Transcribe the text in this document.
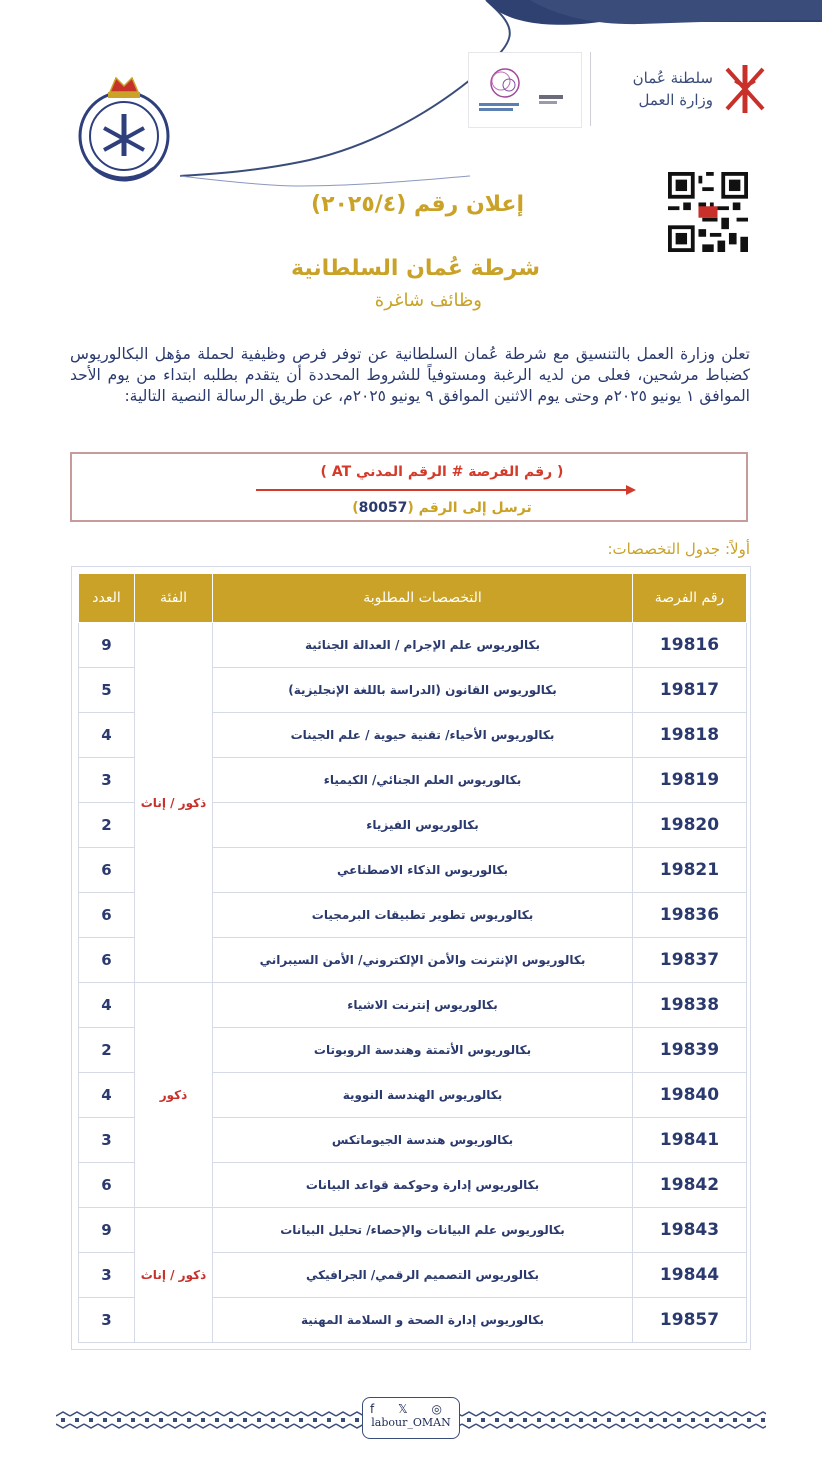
سلطنة عُمان
وزارة العمل
إعلان رقم (٢٠٢٥/٤)
شرطة عُمان السلطانية
وظائف شاغرة
تعلن وزارة العمل بالتنسيق مع شرطة عُمان السلطانية عن توفر فرص وظيفية لحملة مؤهل البكالوريوس كضباط مرشحين، فعلى من لديه الرغبة ومستوفياً للشروط المحددة أن يتقدم بطلبه ابتداء من يوم الأحد الموافق ١ يونيو ٢٠٢٥م وحتى يوم الاثنين الموافق ٩ يونيو ٢٠٢٥م، عن طريق الرسالة النصية التالية:
( رقم الفرصة # الرقم المدني AT )
ترسل إلى الرقم (80057)
أولاً: جدول التخصصات:
رقم الفرصة	التخصصات المطلوبة	الفئة	العدد
19816	بكالوريوس علم الإجرام / العدالة الجنائية	ذكور / إناث	9
19817	بكالوريوس القانون (الدراسة باللغة الإنجليزية)		5
19818	بكالوريوس الأحياء/ تقنية حيوية / علم الجينات		4
19819	بكالوريوس العلم الجنائي/ الكيمياء		3
19820	بكالوريوس الفيزياء		2
19821	بكالوريوس الذكاء الاصطناعي		6
19836	بكالوريوس تطوير تطبيقات البرمجيات		6
19837	بكالوريوس الإنترنت والأمن الإلكتروني/ الأمن السيبراني		6
19838	بكالوريوس إنترنت الاشياء	ذكور	4
19839	بكالوريوس الأتمتة وهندسة الروبوتات		2
19840	بكالوريوس الهندسة النووية		4
19841	بكالوريوس هندسة الجيوماتكس		3
19842	بكالوريوس إدارة وحوكمة قواعد البيانات		6
19843	بكالوريوس علم البيانات والإحصاء/ تحليل البيانات	ذكور / إناث	9
19844	بكالوريوس التصميم الرقمي/ الجرافيكي		3
19857	بكالوريوس إدارة الصحة و السلامة المهنية		3
f 𝕏 ◎
labour_OMAN
